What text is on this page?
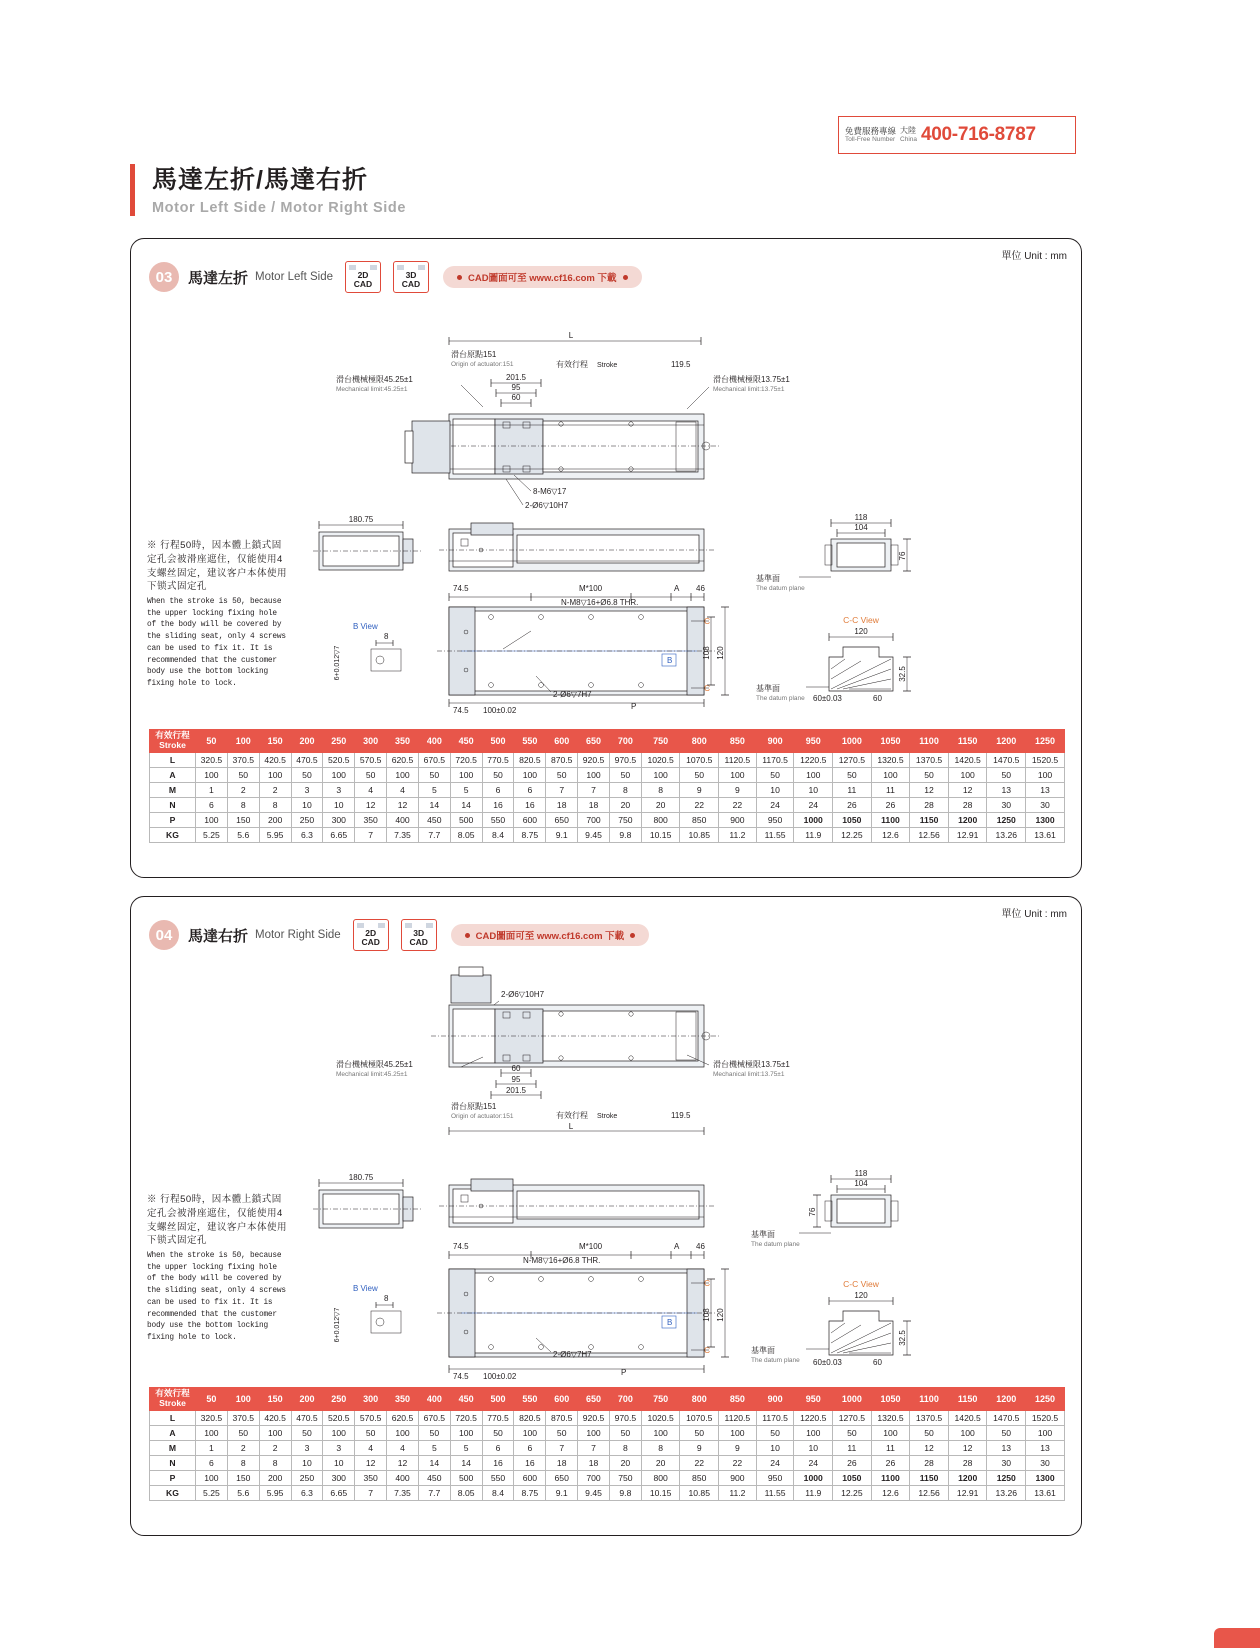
免費服務專線
Toll-Free Number
大陸
China 400-716-8787
馬達左折/馬達右折
Motor Left Side / Motor Right Side
單位 Unit : mm
03	馬達左折 Motor Left Side	2D
CAD
3D
CAD	CAD圖面可至 www.cf16.com 下載
※ 行程50時，因本體上鎖式固定孔会被滑座遮住，仅能使用4支螺丝固定，建议客户本体使用下锁式固定孔
When the stroke is 50, because the upper locking fixing hole of the body will be covered by the sliding seat, only 4 screws can be used to fix it. It is recommended that the customer body use the bottom locking fixing hole to lock.
L
滑台原點151
Origin of actuator:151	有效行程 Stroke	119.5
滑台機械極限45.25±1
Mechanical limit:45.25±1
滑台機械極限13.75±1
Mechanical limit:13.75±1
201.5
95
60
8-M6▽17
2-Ø6▽10H7
180.75
74.5	M*100	A 46
N-M8▽16+Ø6.8 THR.
C
C
B
108 120
2-Ø6▽7H7
74.5 100±0.02	P
B View
8
6+0.012▽7
118
104
76
基準面
The datum plane
C-C View
120
32.5
60±0.03	60
基準面
The datum plane
有效行程
Stroke	50	100	150	200	250	300	350	400	450	500	550	600	650	700	750	800	850	900	950	1000	1050	1100	1150	1200	1250
L	320.5	370.5	420.5	470.5	520.5	570.5	620.5	670.5	720.5	770.5	820.5	870.5	920.5	970.5	1020.5	1070.5	1120.5	1170.5	1220.5	1270.5	1320.5	1370.5	1420.5	1470.5	1520.5
A	100	50	100	50	100	50	100	50	100	50	100	50	100	50	100	50	100	50	100	50	100	50	100	50	100
M	1	2	2	3	3	4	4	5	5	6	6	7	7	8	8	9	9	10	10	11	11	12	12	13	13
N	6	8	8	10	10	12	12	14	14	16	16	18	18	20	20	22	22	24	24	26	26	28	28	30	30
P	100	150	200	250	300	350	400	450	500	550	600	650	700	750	800	850	900	950	1000	1050	1100	1150	1200	1250	1300
KG	5.25	5.6	5.95	6.3	6.65	7	7.35	7.7	8.05	8.4	8.75	9.1	9.45	9.8	10.15	10.85	11.2	11.55	11.9	12.25	12.6	12.56	12.91	13.26	13.61
單位 Unit : mm
04	馬達右折 Motor Right Side	2D
CAD
3D
CAD	CAD圖面可至 www.cf16.com 下載
※ 行程50時，因本體上鎖式固定孔会被滑座遮住，仅能使用4支螺丝固定，建议客户本体使用下锁式固定孔
When the stroke is 50, because the upper locking fixing hole of the body will be covered by the sliding seat, only 4 screws can be used to fix it. It is recommended that the customer body use the bottom locking fixing hole to lock.
2-Ø6▽10H7
滑台機械極限45.25±1
Mechanical limit:45.25±1
滑台機械極限13.75±1
Mechanical limit:13.75±1
60
95
201.5
滑台原點151
Origin of actuator:151	有效行程 Stroke	119.5
L
180.75
74.5	M*100	A 46
N-M8▽16+Ø6.8 THR.
C
C
B
108 120
2-Ø6▽7H7
74.5 100±0.02	P
B View
8
6+0.012▽7
118
104
76
基準面
The datum plane
C-C View
120
32.5
60±0.03	60
基準面
The datum plane
有效行程
Stroke	50	100	150	200	250	300	350	400	450	500	550	600	650	700	750	800	850	900	950	1000	1050	1100	1150	1200	1250
L	320.5	370.5	420.5	470.5	520.5	570.5	620.5	670.5	720.5	770.5	820.5	870.5	920.5	970.5	1020.5	1070.5	1120.5	1170.5	1220.5	1270.5	1320.5	1370.5	1420.5	1470.5	1520.5
A	100	50	100	50	100	50	100	50	100	50	100	50	100	50	100	50	100	50	100	50	100	50	100	50	100
M	1	2	2	3	3	4	4	5	5	6	6	7	7	8	8	9	9	10	10	11	11	12	12	13	13
N	6	8	8	10	10	12	12	14	14	16	16	18	18	20	20	22	22	24	24	26	26	28	28	30	30
P	100	150	200	250	300	350	400	450	500	550	600	650	700	750	800	850	900	950	1000	1050	1100	1150	1200	1250	1300
KG	5.25	5.6	5.95	6.3	6.65	7	7.35	7.7	8.05	8.4	8.75	9.1	9.45	9.8	10.15	10.85	11.2	11.55	11.9	12.25	12.6	12.56	12.91	13.26	13.61
